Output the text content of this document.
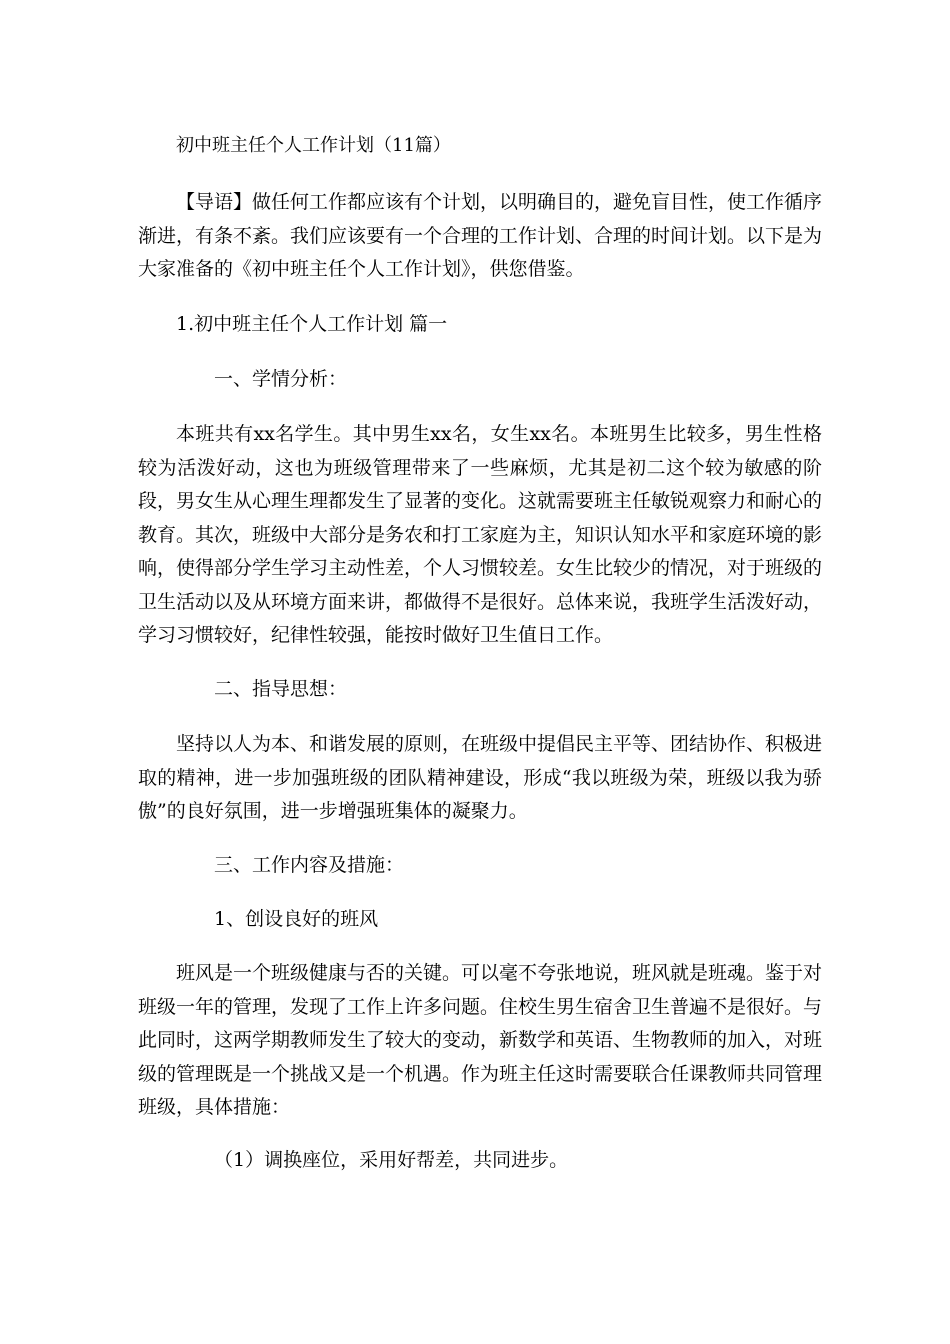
初中班主任个人工作计划（11篇）

【导语】做任何工作都应该有个计划，以明确目的，避免盲目性，使工作循序渐进，有条不紊。我们应该要有一个合理的工作计划、合理的时间计划。以下是为大家准备的《初中班主任个人工作计划》，供您借鉴。

1.初中班主任个人工作计划 篇一

一、学情分析：

本班共有xx名学生。其中男生xx名，女生xx名。本班男生比较多，男生性格较为活泼好动，这也为班级管理带来了一些麻烦，尤其是初二这个较为敏感的阶段，男女生从心理生理都发生了显著的变化。这就需要班主任敏锐观察力和耐心的教育。其次，班级中大部分是务农和打工家庭为主，知识认知水平和家庭环境的影响，使得部分学生学习主动性差，个人习惯较差。女生比较少的情况，对于班级的卫生活动以及从环境方面来讲，都做得不是很好。总体来说，我班学生活泼好动，学习习惯较好，纪律性较强，能按时做好卫生值日工作。

二、指导思想：

坚持以人为本、和谐发展的原则，在班级中提倡民主平等、团结协作、积极进取的精神，进一步加强班级的团队精神建设，形成“我以班级为荣，班级以我为骄傲”的良好氛围，进一步增强班集体的凝聚力。

三、工作内容及措施：

1、创设良好的班风

班风是一个班级健康与否的关键。可以毫不夸张地说，班风就是班魂。鉴于对班级一年的管理，发现了工作上许多问题。住校生男生宿舍卫生普遍不是很好。与此同时，这两学期教师发生了较大的变动，新数学和英语、生物教师的加入，对班级的管理既是一个挑战又是一个机遇。作为班主任这时需要联合任课教师共同管理班级，具体措施：

（1）调换座位，采用好帮差，共同进步。
